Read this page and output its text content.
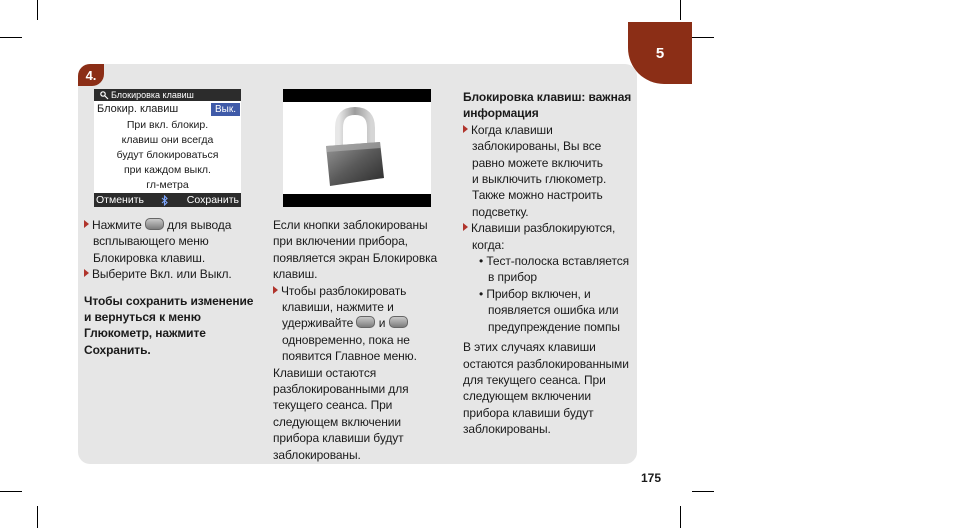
5
4.
Блокировка клавиш
Блокир. клавиш	Вык.
При вкл. блокир.
клавиш они всегда
будут блокироваться
при каждом выкл.
гл-метра
Отменить	Сохранить
Нажмите для вывода
всплывающего меню
Блокировка клавиш.
Выберите Вкл. или Выкл.
Чтобы сохранить изменение
и вернуться к меню
Глюкометр, нажмите
Сохранить.
Если кнопки заблокированы
при включении прибора,
появляется экран Блокировка
клавиш.
Чтобы разблокировать
клавиши, нажмите и
удерживайте и
одновременно, пока не
появится Главное меню.
Клавиши остаются
разблокированными для
текущего сеанса. При
следующем включении
прибора клавиши будут
заблокированы.
Блокировка клавиш: важная
информация
Когда клавиши
заблокированы, Вы все
равно можете включить
и выключить глюкометр.
Также можно настроить
подсветку.
Клавиши разблокируются,
когда:
• Тест-полоска вставляется
в прибор
• Прибор включен, и
появляется ошибка или
предупреждение помпы
В этих случаях клавиши
остаются разблокированными
для текущего сеанса. При
следующем включении
прибора клавиши будут
заблокированы.
175
